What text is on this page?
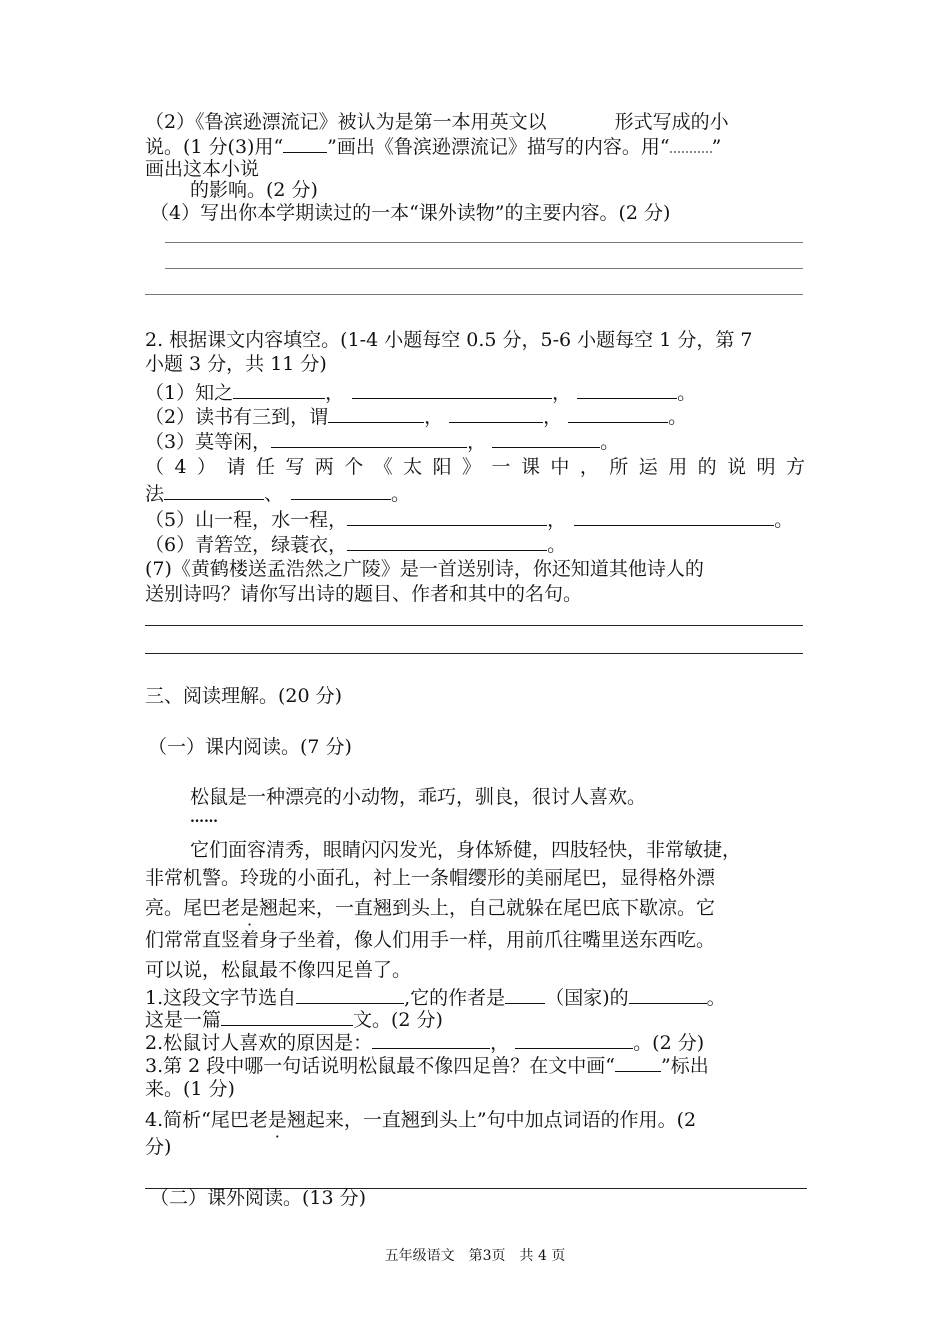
（2）《鲁滨逊漂流记》被认为是第一本用英文以	形式写成的小
说。(1 分(3)用“ ”画出《鲁滨逊漂流记》描写的内容。用“ ”
画出这本小说
的影响。(2 分)
（4）写出你本学期读过的一本“课外读物”的主要内容。(2 分)
2. 根据课文内容填空。(1-4 小题每空 0.5 分，5-6 小题每空 1 分，第 7
小题 3 分，共 11 分)
（1）知之	，	，	。
（2）读书有三到，谓	，	，	。
（3）莫等闲，	，	。
（4）请任写两个《太阳》一课中，所运用的说明方
法	、	。
（5）山一程，水一程，	，	。
（6）青箬笠，绿蓑衣，	。
(7)《黄鹤楼送孟浩然之广陵》是一首送别诗，你还知道其他诗人的
送别诗吗？请你写出诗的题目、作者和其中的名句。
三、阅读理解。(20 分)
（一）课内阅读。(7 分)
松鼠是一种漂亮的小动物，乖巧，驯良，很讨人喜欢。
……
它们面容清秀，眼睛闪闪发光，身体矫健，四肢轻快，非常敏捷，
非常机警。玲珑的小面孔，衬上一条帽缨形的美丽尾巴，显得格外漂
亮。尾巴老是翘起来，一直翘到头上，自己就躲在尾巴底下歇凉。它
们常常直竖着身子坐着，像人们用手一样，用前爪往嘴里送东西吃。
可以说，松鼠最不像四足兽了。
1.这段文字节选自	,它的作者是 （国家)的	。
这是一篇	文。(2 分)
2.松鼠讨人喜欢的原因是：	，	。(2 分)
3.第 2 段中哪一句话说明松鼠最不像四足兽？在文中画“ ”标出
来。(1 分)
4.简析“尾巴老是翘起来，一直翘到头上”句中加点词语的作用。(2
分)
（二）课外阅读。(13 分)
五年级语文　第3页　共 4 页
